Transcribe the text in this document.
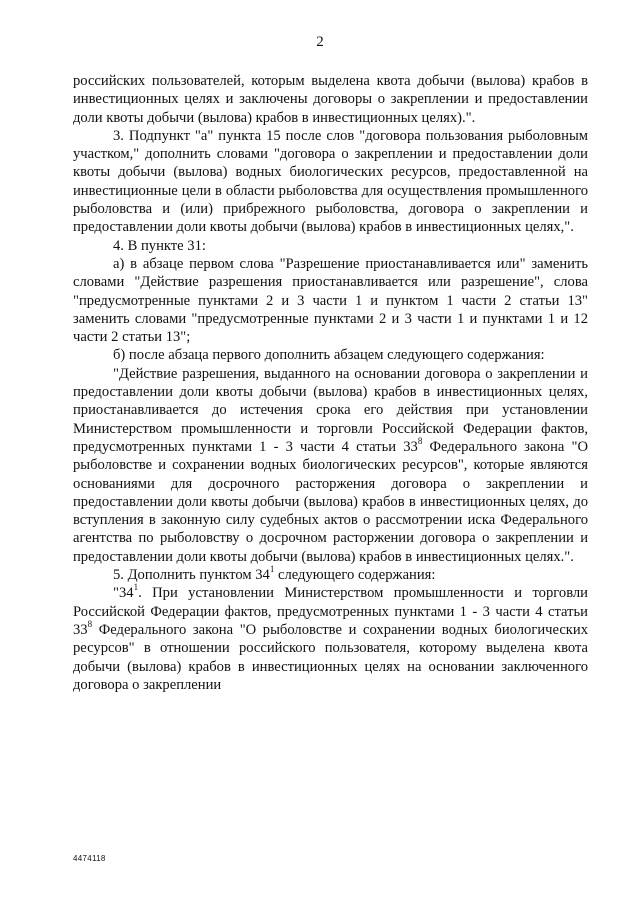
2

российских пользователей, которым выделена квота добычи (вылова) крабов в инвестиционных целях и заключены договоры о закреплении и предоставлении доли квоты добычи (вылова) крабов в инвестиционных целях).".

3. Подпункт "а" пункта 15 после слов "договора пользования рыболовным участком," дополнить словами "договора о закреплении и предоставлении доли квоты добычи (вылова) водных биологических ресурсов, предоставленной на инвестиционные цели в области рыболовства для осуществления промышленного рыболовства и (или) прибрежного рыболовства, договора о закреплении и предоставлении доли квоты добычи (вылова) крабов в инвестиционных целях,".

4. В пункте 31:

а) в абзаце первом слова "Разрешение приостанавливается или" заменить словами "Действие разрешения приостанавливается или разрешение", слова "предусмотренные пунктами 2 и 3 части 1 и пунктом 1 части 2 статьи 13" заменить словами "предусмотренные пунктами 2 и 3 части 1 и пунктами 1 и 12 части 2 статьи 13";

б) после абзаца первого дополнить абзацем следующего содержания:

"Действие разрешения, выданного на основании договора о закреплении и предоставлении доли квоты добычи (вылова) крабов в инвестиционных целях, приостанавливается до истечения срока его действия при установлении Министерством промышленности и торговли Российской Федерации фактов, предусмотренных пунктами 1 - 3 части 4 статьи $33^8$ Федерального закона "О рыболовстве и сохранении водных биологических ресурсов", которые являются основаниями для досрочного расторжения договора о закреплении и предоставлении доли квоты добычи (вылова) крабов в инвестиционных целях, до вступления в законную силу судебных актов о рассмотрении иска Федерального агентства по рыболовству о досрочном расторжении договора о закреплении и предоставлении доли квоты добычи (вылова) крабов в инвестиционных целях.".

5. Дополнить пунктом $34^1$ следующего содержания:

"$34^1$. При установлении Министерством промышленности и торговли Российской Федерации фактов, предусмотренных пунктами 1 - 3 части 4 статьи $33^8$ Федерального закона "О рыболовстве и сохранении водных биологических ресурсов" в отношении российского пользователя, которому выделена квота добычи (вылова) крабов в инвестиционных целях на основании заключенного договора о закреплении

4474118
